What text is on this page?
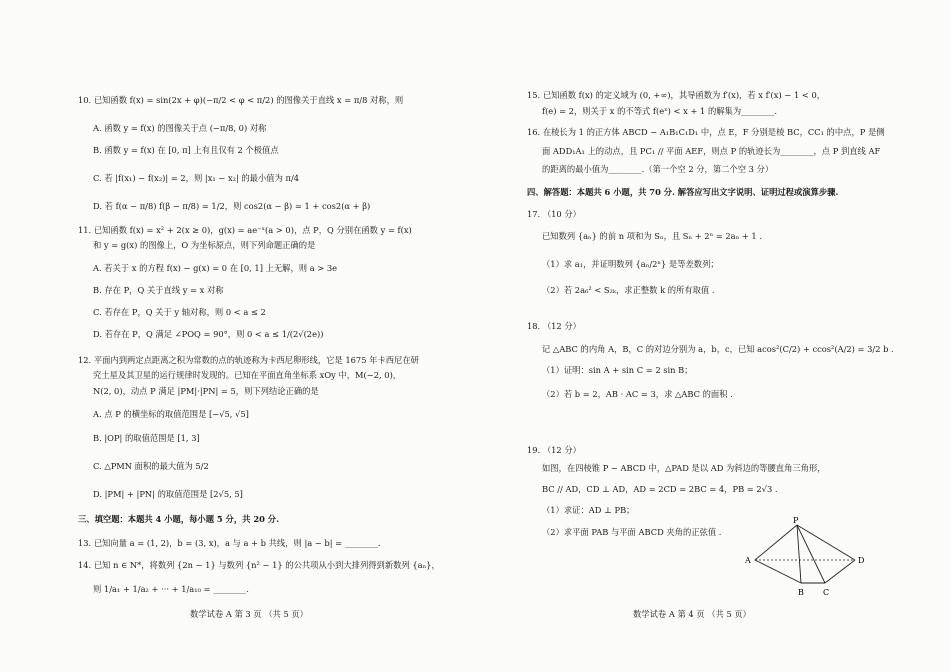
10. 已知函数 f(x) = sin(2x + φ)(−π/2 < φ < π/2) 的图像关于直线 x = π/8 对称，则
A. 函数 y = f(x) 的图像关于点 (−π/8, 0) 对称
B. 函数 y = f(x) 在 [0, π] 上有且仅有 2 个极值点
C. 若 |f(x₁) − f(x₂)| = 2，则 |x₁ − x₂| 的最小值为 π/4
D. 若 f(α − π/8) f(β − π/8) = 1/2，则 cos2(α − β) = 1 + cos2(α + β)
11. 已知函数 f(x) = x² + 2(x ≥ 0)，g(x) = ae⁻ˣ(a > 0)，点 P，Q 分别在函数 y = f(x)
和 y = g(x) 的图像上，O 为坐标原点，则下列命题正确的是
A. 若关于 x 的方程 f(x) − g(x) = 0 在 [0, 1] 上无解，则 a > 3e
B. 存在 P，Q 关于直线 y = x 对称
C. 若存在 P，Q 关于 y 轴对称，则 0 < a ≤ 2
D. 若存在 P，Q 满足 ∠POQ = 90°，则 0 < a ≤ 1/(2√(2e))
12. 平面内到两定点距离之积为常数的点的轨迹称为卡西尼卵形线，它是 1675 年卡西尼在研
究土星及其卫星的运行规律时发现的。已知在平面直角坐标系 xOy 中，M(−2, 0)，
N(2, 0)，动点 P 满足 |PM|·|PN| = 5，则下列结论正确的是
A. 点 P 的横坐标的取值范围是 [−√5, √5]
B. |OP| 的取值范围是 [1, 3]
C. △PMN 面积的最大值为 5/2
D. |PM| + |PN| 的取值范围是 [2√5, 5]
三、填空题：本题共 4 小题，每小题 5 分，共 20 分.
13. 已知向量 a = (1, 2)，b = (3, x)，a 与 a + b 共线，则 |a − b| = ________.
14. 已知 n ∈ N*，将数列 {2n − 1} 与数列 {n² − 1} 的公共项从小到大排列得到新数列 {aₙ}，
则 1/a₁ + 1/a₂ + ··· + 1/a₁₀ = ________.
数学试卷 A 第 3 页 （共 5 页）
15. 已知函数 f(x) 的定义域为 (0, +∞)，其导函数为 f′(x)，若 x f′(x) − 1 < 0，
f(e) = 2，则关于 x 的不等式 f(eˣ) < x + 1 的解集为________.
16. 在棱长为 1 的正方体 ABCD − A₁B₁C₁D₁ 中，点 E，F 分别是棱 BC，CC₁ 的中点，P 是侧
面 ADD₁A₁ 上的动点，且 PC₁ // 平面 AEF，则点 P 的轨迹长为________，点 P 到直线 AF
的距离的最小值为________.（第一个空 2 分，第二个空 3 分）
四、解答题：本题共 6 小题，共 70 分. 解答应写出文字说明、证明过程或演算步骤.
17. （10 分）
已知数列 {aₙ} 的前 n 项和为 Sₙ，且 Sₙ + 2ⁿ = 2aₙ + 1 .
（1）求 a₁，并证明数列 {aₙ/2ⁿ} 是等差数列；
（2）若 2a₆² < S₂ₖ，求正整数 k 的所有取值 .
18. （12 分）
记 △ABC 的内角 A，B，C 的对边分别为 a，b，c，已知 acos²(C/2) + ccos²(A/2) = 3/2 b .
（1）证明：sin A + sin C = 2 sin B；
（2）若 b = 2，AB · AC = 3，求 △ABC 的面积 .
19. （12 分）
如图，在四棱锥 P − ABCD 中，△PAD 是以 AD 为斜边的等腰直角三角形，
BC // AD，CD ⊥ AD，AD = 2CD = 2BC = 4，PB = 2√3 .
（1）求证：AD ⊥ PB；
（2）求平面 PAB 与平面 ABCD 夹角的正弦值 .
P
A
B C
D
数学试卷 A 第 4 页 （共 5 页）
